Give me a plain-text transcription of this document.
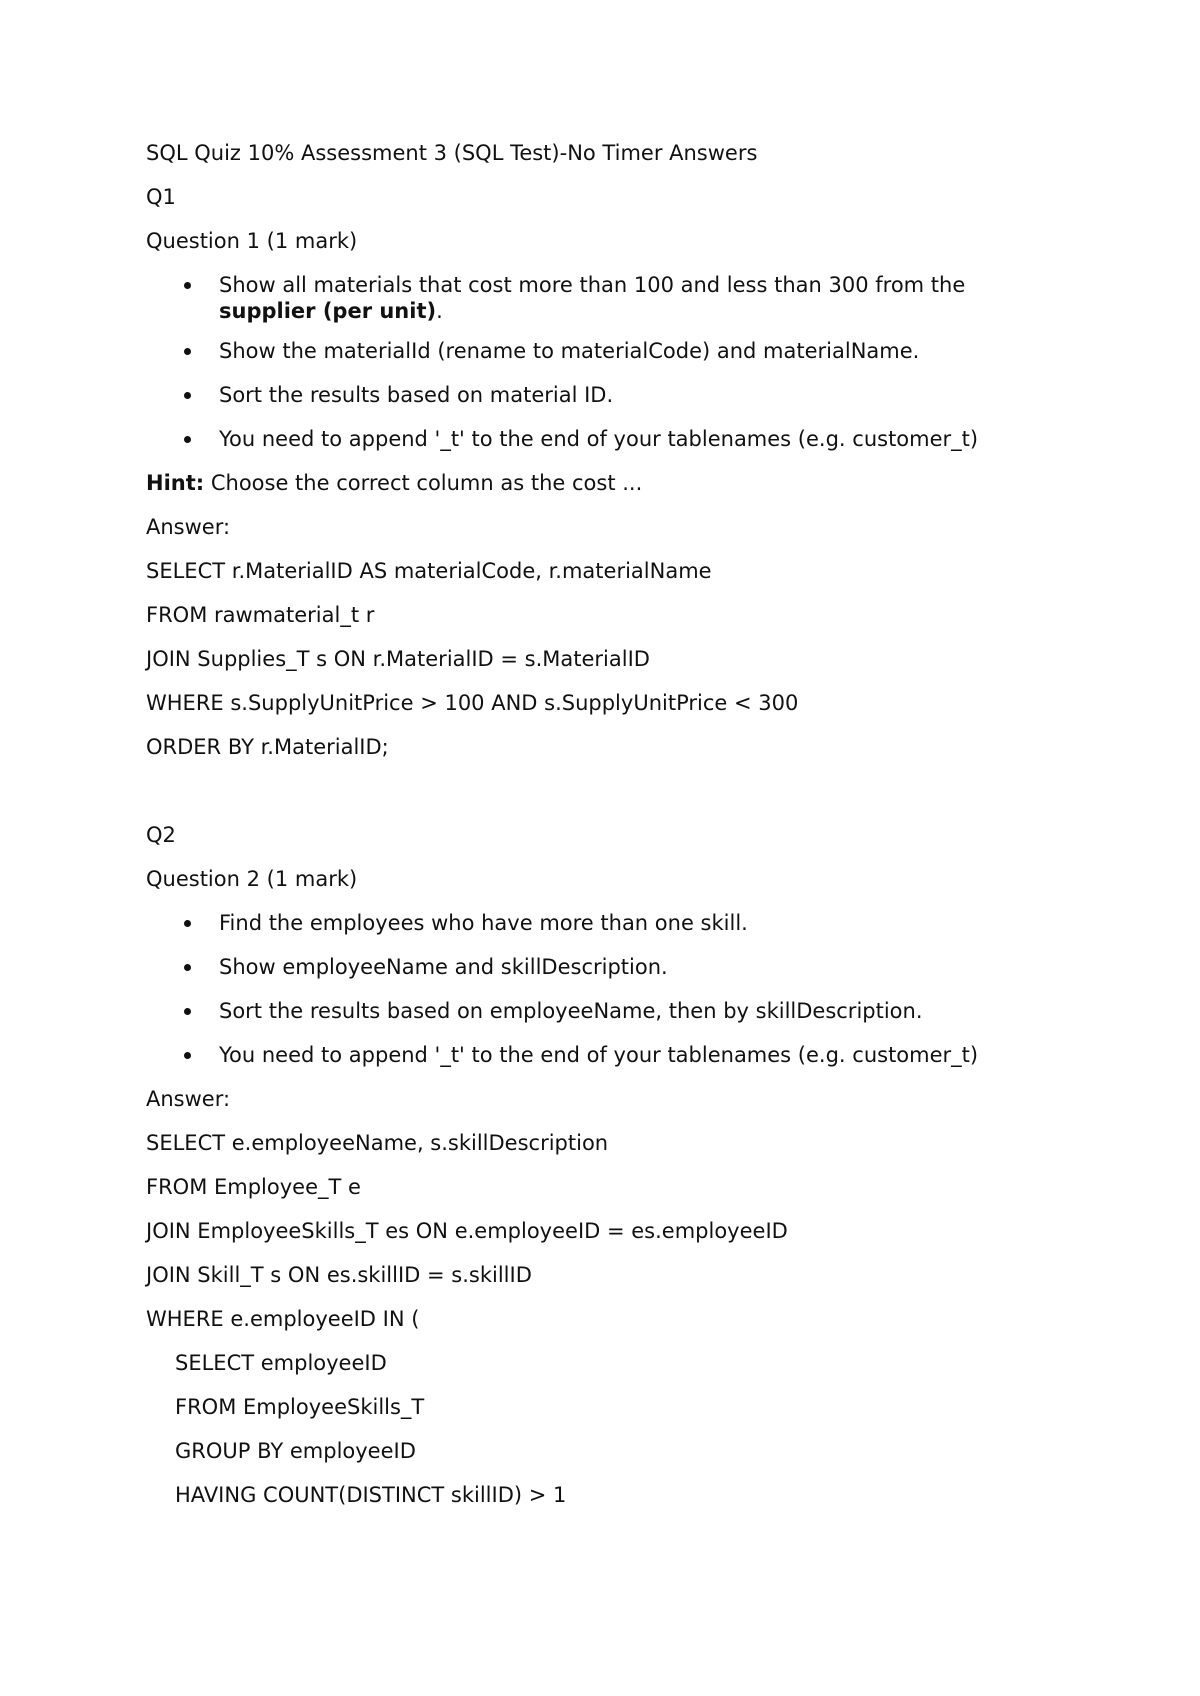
SQL Quiz 10% Assessment 3 (SQL Test)-No Timer Answers
Q1
Question 1 (1 mark)
Show all materials that cost more than 100 and less than 300 from the
supplier (per unit).
Show the materialId (rename to materialCode) and materialName.
Sort the results based on material ID.
You need to append '_t' to the end of your tablenames (e.g. customer_t)
Hint: Choose the correct column as the cost ...
Answer:
SELECT r.MaterialID AS materialCode, r.materialName
FROM rawmaterial_t r
JOIN Supplies_T s ON r.MaterialID = s.MaterialID
WHERE s.SupplyUnitPrice > 100 AND s.SupplyUnitPrice < 300
ORDER BY r.MaterialID;
Q2
Question 2 (1 mark)
Find the employees who have more than one skill.
Show employeeName and skillDescription.
Sort the results based on employeeName, then by skillDescription.
You need to append '_t' to the end of your tablenames (e.g. customer_t)
Answer:
SELECT e.employeeName, s.skillDescription
FROM Employee_T e
JOIN EmployeeSkills_T es ON e.employeeID = es.employeeID
JOIN Skill_T s ON es.skillID = s.skillID
WHERE e.employeeID IN (
SELECT employeeID
FROM EmployeeSkills_T
GROUP BY employeeID
HAVING COUNT(DISTINCT skillID) > 1
